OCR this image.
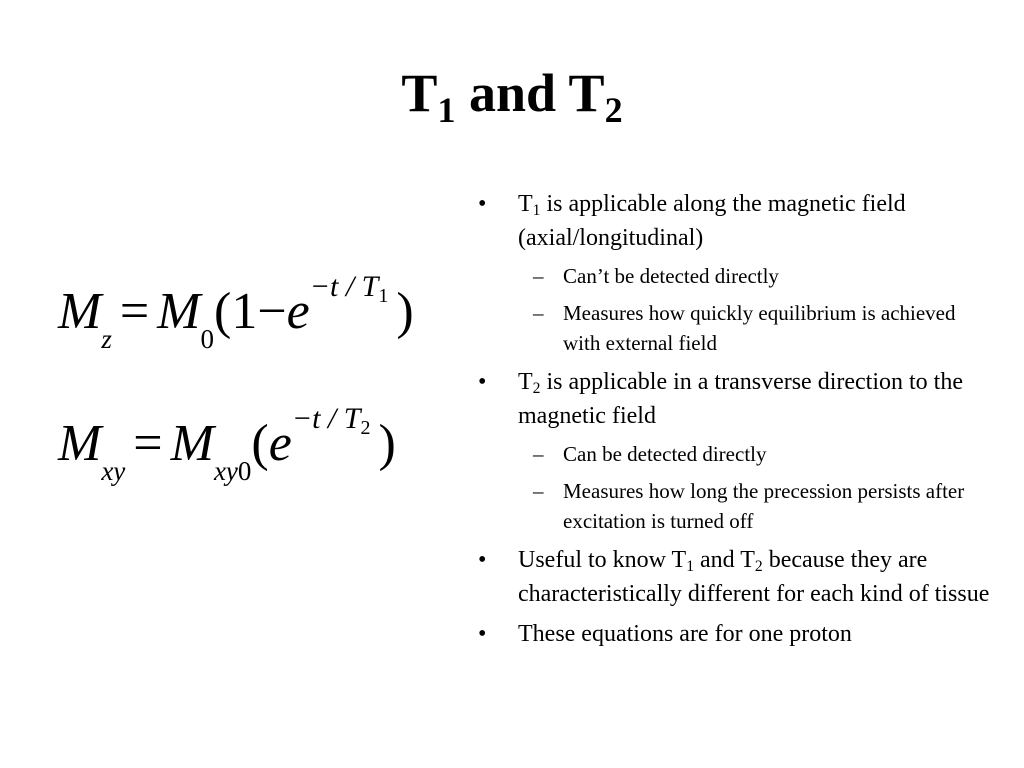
$T_1$ and $T_2$
Mz = M0(1−e−t / T1 )
Mxy = Mxy0(e−t / T2 )
•	$T_1$ is applicable along the magnetic field (axial/longitudinal)
– Can’t be detected directly
– Measures how quickly equilibrium is achieved with external field
•	$T_2$ is applicable in a transverse direction to the magnetic field
– Can be detected directly
– Measures how long the precession persists after excitation is turned off
•	Useful to know $T_1$ and $T_2$ because they are characteristically different for each kind of tissue
•	These equations are for one proton
